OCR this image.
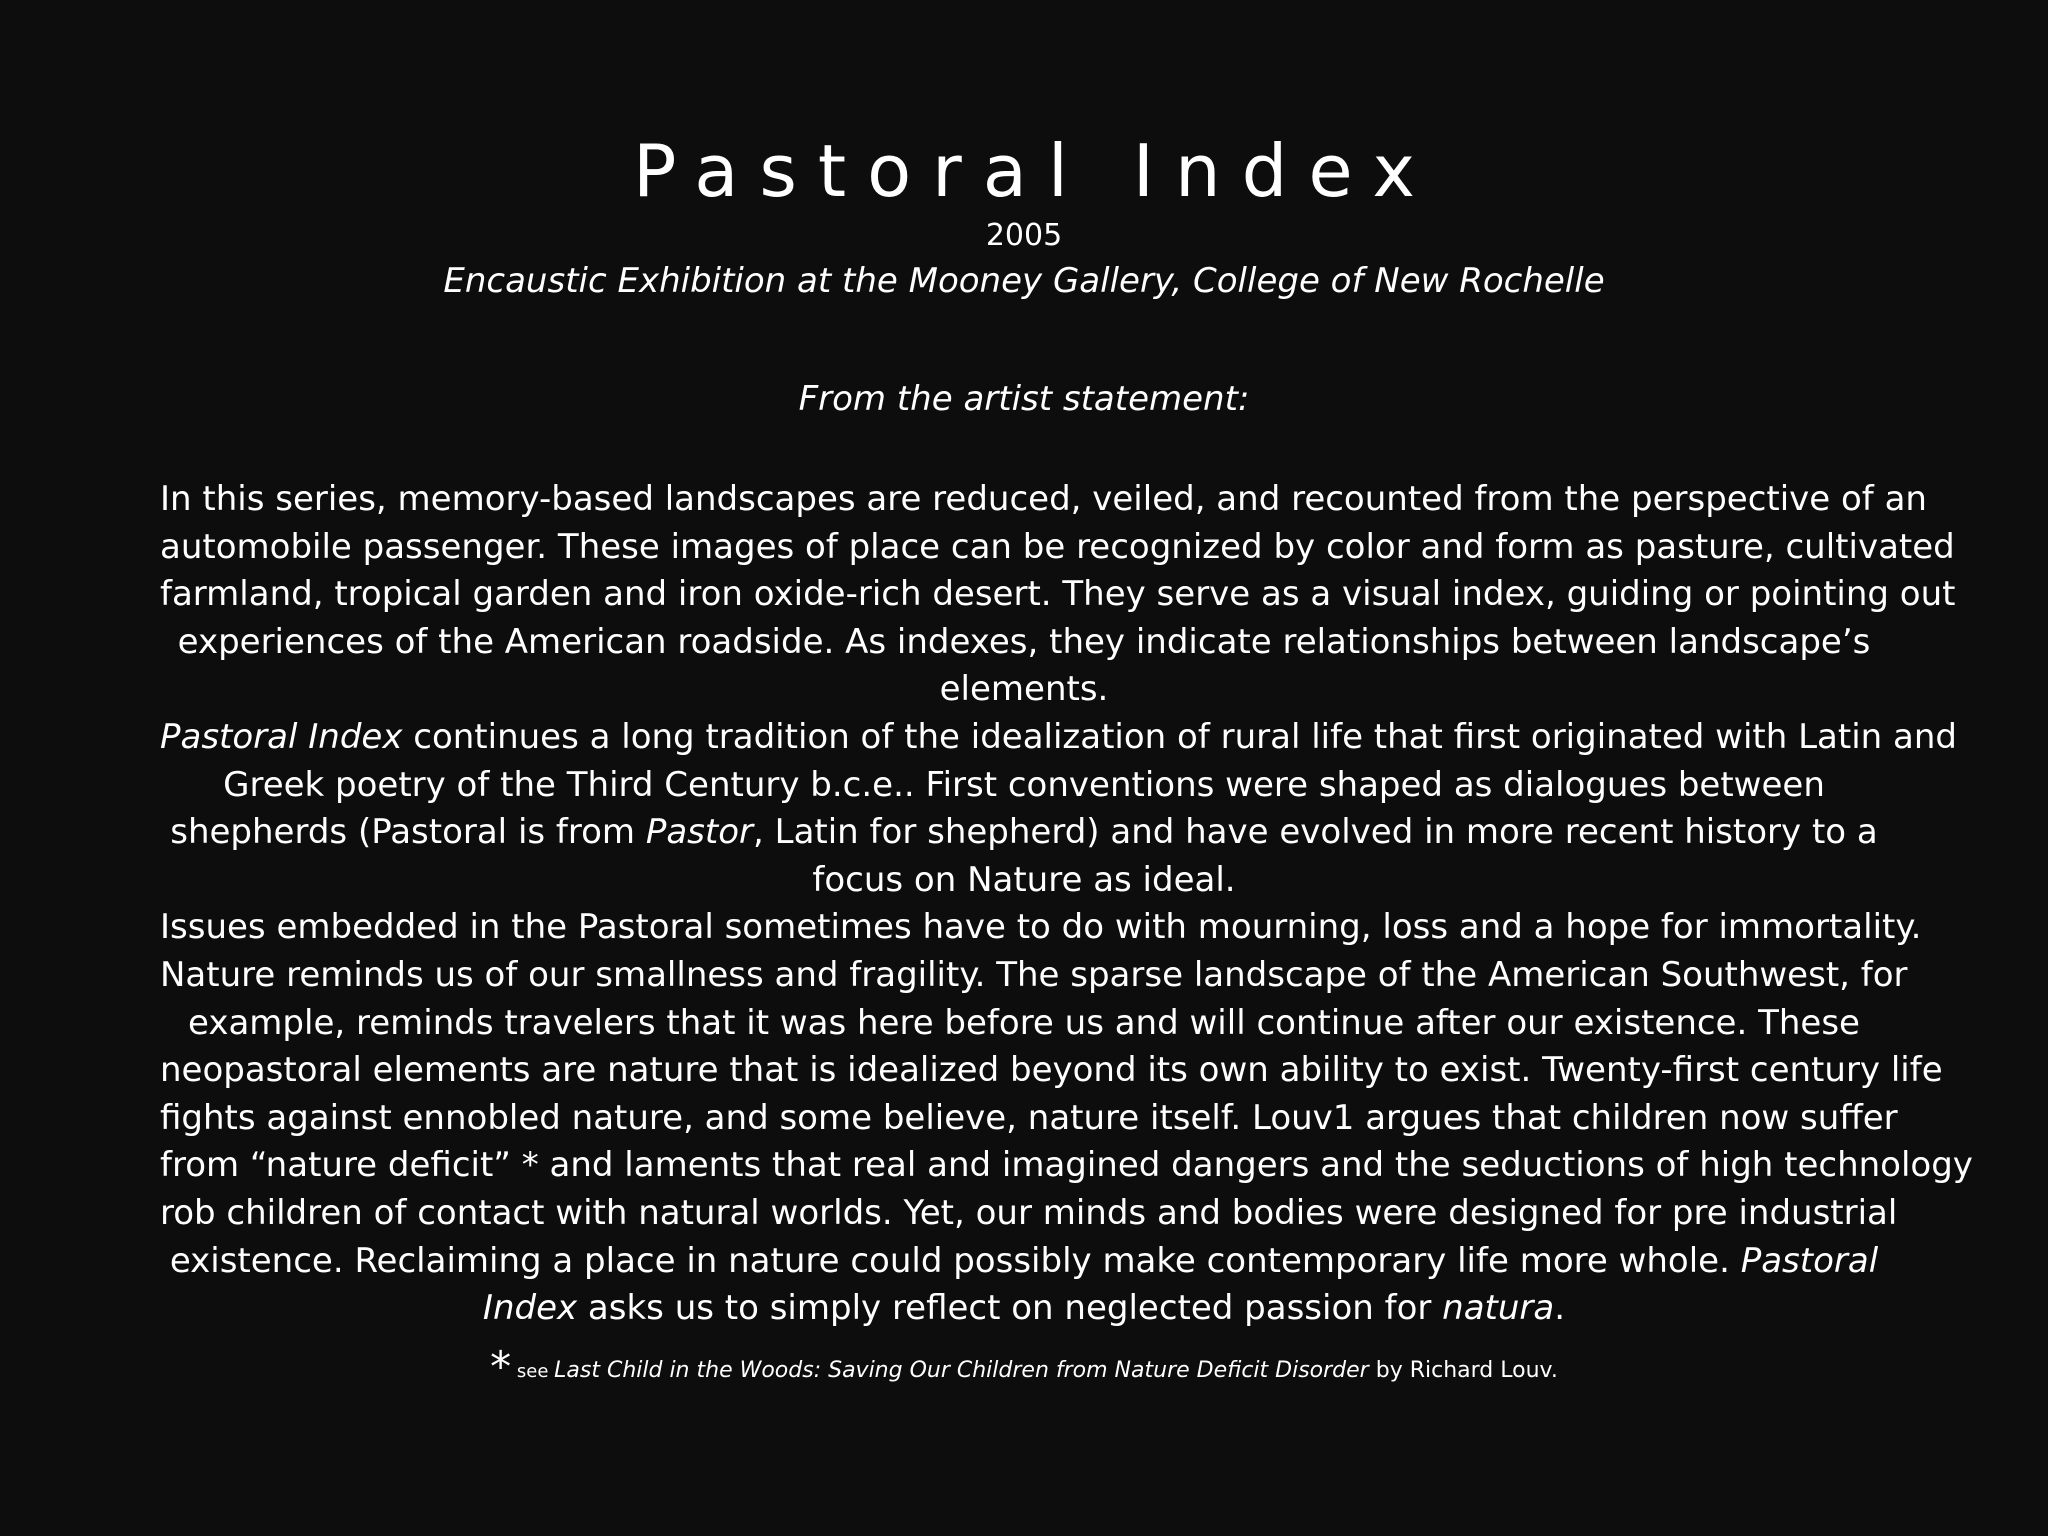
Pastoral Index
2005
Encaustic Exhibition at the Mooney Gallery, College of New Rochelle
From the artist statement:
In this series, memory-based landscapes are reduced, veiled, and recounted from the perspective of an
automobile passenger. These images of place can be recognized by color and form as pasture, cultivated
farmland, tropical garden and iron oxide-rich desert. They serve as a visual index, guiding or pointing out
experiences of the American roadside. As indexes, they indicate relationships between landscape’s
elements.
Pastoral Index continues a long tradition of the idealization of rural life that first originated with Latin and
Greek poetry of the Third Century b.c.e.. First conventions were shaped as dialogues between
shepherds (Pastoral is from Pastor, Latin for shepherd) and have evolved in more recent history to a
focus on Nature as ideal.
Issues embedded in the Pastoral sometimes have to do with mourning, loss and a hope for immortality.
Nature reminds us of our smallness and fragility. The sparse landscape of the American Southwest, for
example, reminds travelers that it was here before us and will continue after our existence. These
neopastoral elements are nature that is idealized beyond its own ability to exist. Twenty-first century life
fights against ennobled nature, and some believe, nature itself. Louv1 argues that children now suffer
from “nature deficit” * and laments that real and imagined dangers and the seductions of high technology
rob children of contact with natural worlds. Yet, our minds and bodies were designed for pre industrial
existence. Reclaiming a place in nature could possibly make contemporary life more whole. Pastoral
Index asks us to simply reflect on neglected passion for natura.
* see Last Child in the Woods: Saving Our Children from Nature Deficit Disorder by Richard Louv.
